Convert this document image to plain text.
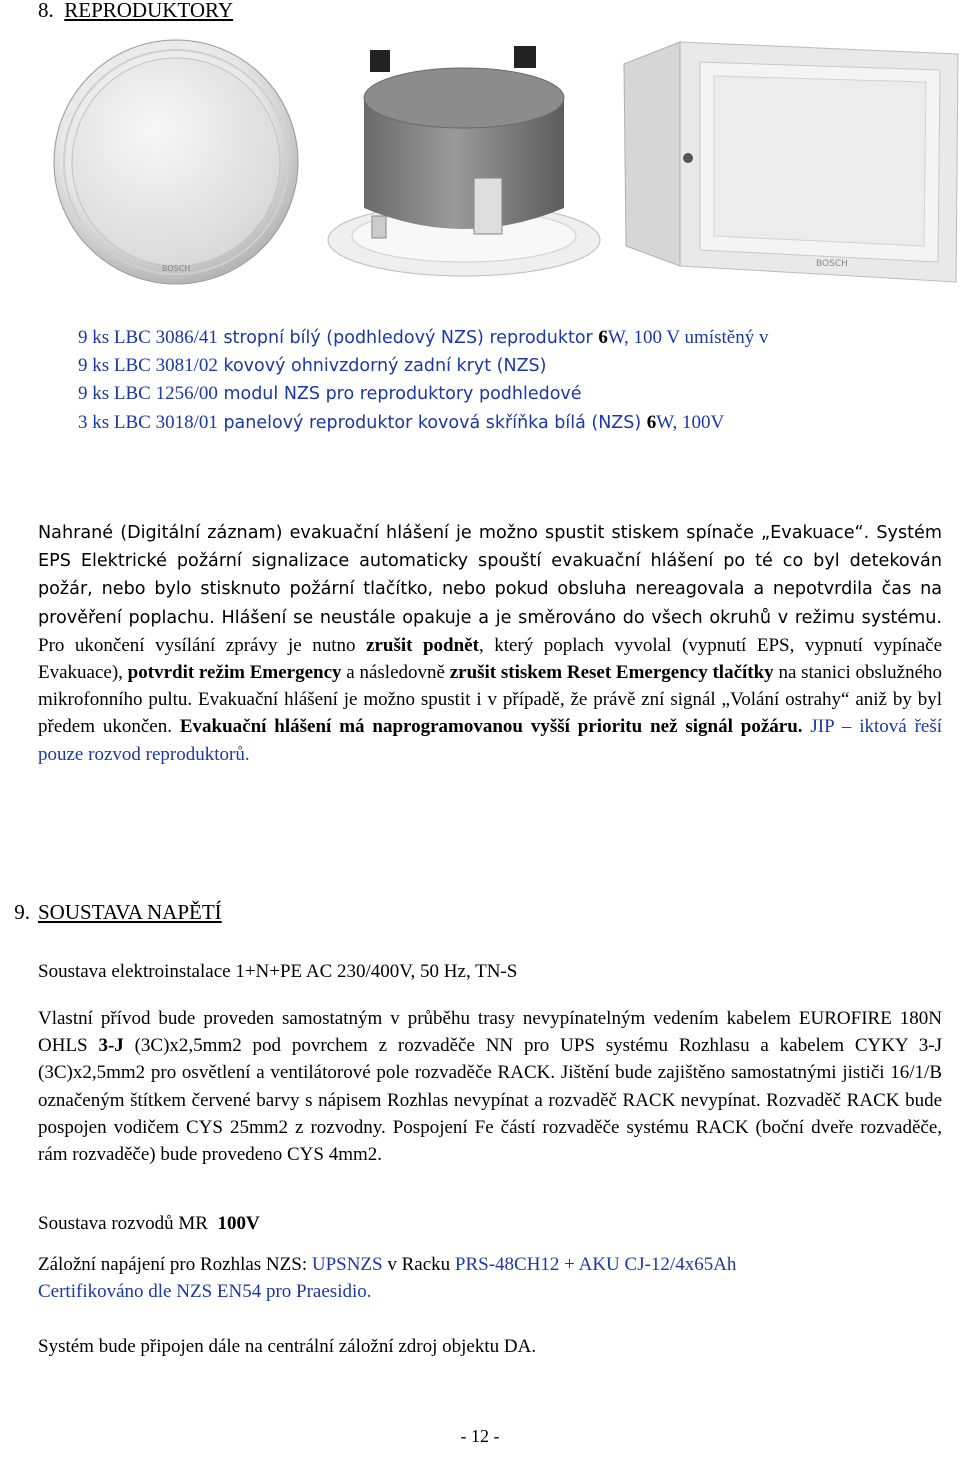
8. REPRODUKTORY
BOSCH	BOSCH
9 ks LBC 3086/41 stropní bílý (podhledový NZS) reproduktor 6W, 100 V umístěný v
9 ks LBC 3081/02 kovový ohnivzdorný zadní kryt (NZS)
9 ks LBC 1256/00 modul NZS pro reproduktory podhledové
3 ks LBC 3018/01 panelový reproduktor kovová skříňka bílá (NZS) 6W, 100V
Nahrané (Digitální záznam) evakuační hlášení je možno spustit stiskem spínače „Evakuace“. Systém EPS Elektrické požární signalizace automaticky spouští evakuační hlášení po té co byl detekován požár, nebo bylo stisknuto požární tlačítko, nebo pokud obsluha nereagovala a nepotvrdila čas na prověření poplachu. Hlášení se neustále opakuje a je směrováno do všech okruhů v režimu systému. Pro ukončení vysílání zprávy je nutno zrušit podnět, který poplach vyvolal (vypnutí EPS, vypnutí vypínače Evakuace), potvrdit režim Emergency a následovně zrušit stiskem Reset Emergency tlačítky na stanici obslužného mikrofonního pultu. Evakuační hlášení je možno spustit i v případě, že právě zní signál „Volání ostrahy“ aniž by byl předem ukončen. Evakuační hlášení má naprogramovanou vyšší prioritu než signál požáru. JIP – iktová řeší pouze rozvod reproduktorů.
9. SOUSTAVA NAPĚTÍ
Soustava elektroinstalace 1+N+PE AC 230/400V, 50 Hz, TN-S
Vlastní přívod bude proveden samostatným v průběhu trasy nevypínatelným vedením kabelem EUROFIRE 180N OHLS 3-J (3C)x2,5mm2 pod povrchem z rozvaděče NN pro UPS systému Rozhlasu a kabelem CYKY 3-J (3C)x2,5mm2 pro osvětlení a ventilátorové pole rozvaděče RACK. Jištění bude zajištěno samostatnými jističi 16/1/B označeným štítkem červené barvy s nápisem Rozhlas nevypínat a rozvaděč RACK nevypínat. Rozvaděč RACK bude pospojen vodičem CYS 25mm2 z rozvodny. Pospojení Fe částí rozvaděče systému RACK (boční dveře rozvaděče, rám rozvaděče) bude provedeno CYS 4mm2.
Soustava rozvodů MR  100V
Záložní napájení pro Rozhlas NZS: UPSNZS v Racku PRS-48CH12 + AKU CJ-12/4x65Ah
Certifikováno dle NZS EN54 pro Praesidio.
Systém bude připojen dále na centrální záložní zdroj objektu DA.
- 12 -
